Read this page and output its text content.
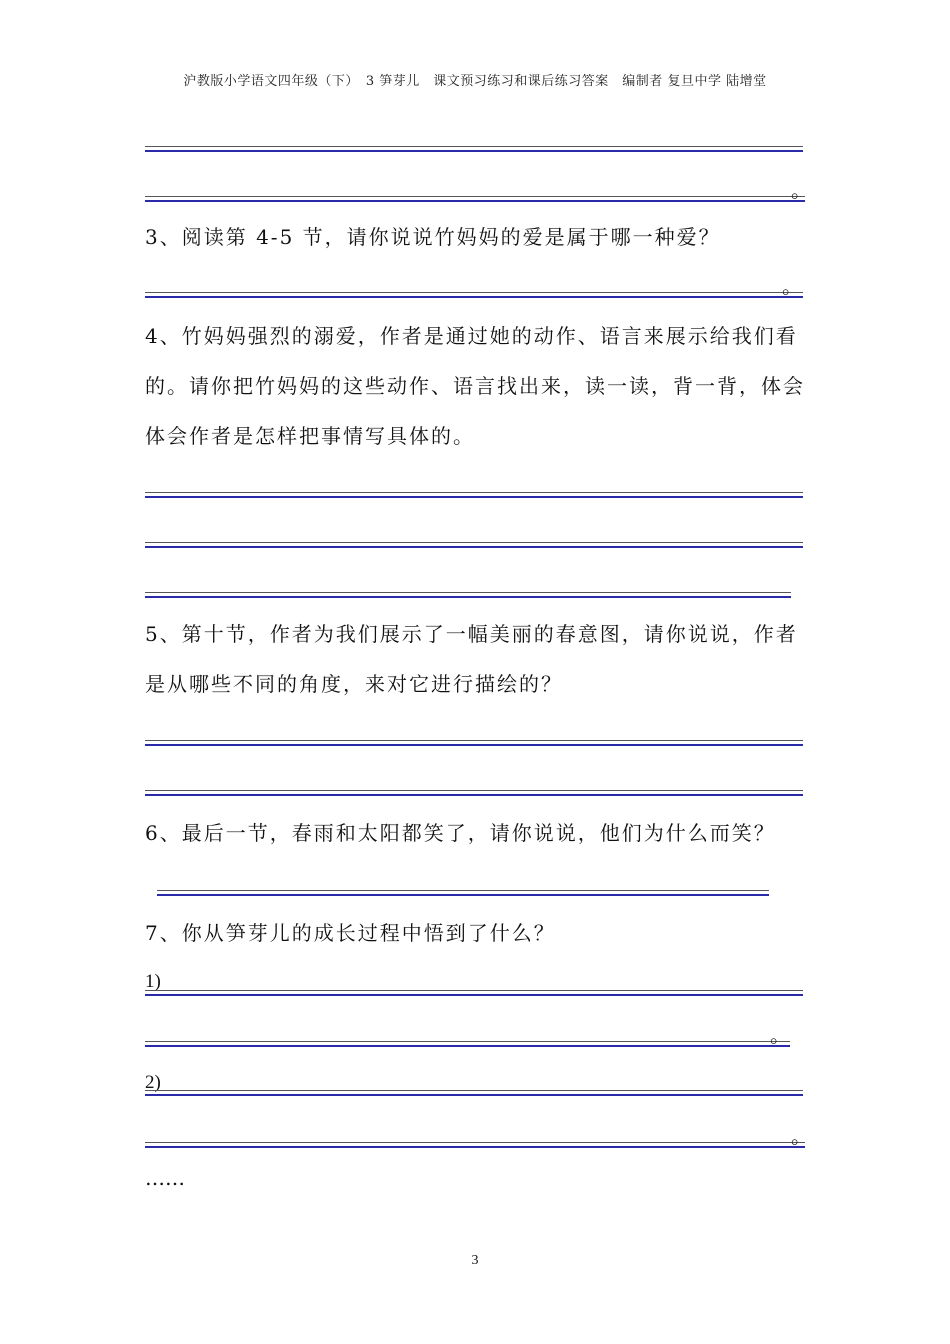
沪教版小学语文四年级（下）　3 笋芽儿　课文预习练习和课后练习答案　编制者 复旦中学 陆增堂
。
3、阅读第 4-5 节，请你说说竹妈妈的爱是属于哪一种爱？
。
4、竹妈妈强烈的溺爱，作者是通过她的动作、语言来展示给我们看
的。请你把竹妈妈的这些动作、语言找出来，读一读，背一背，体会
体会作者是怎样把事情写具体的。
5、第十节，作者为我们展示了一幅美丽的春意图，请你说说，作者
是从哪些不同的角度，来对它进行描绘的？
6、最后一节，春雨和太阳都笑了，请你说说，他们为什么而笑？
7、你从笋芽儿的成长过程中悟到了什么？
1)
。
2)
。
……
3
